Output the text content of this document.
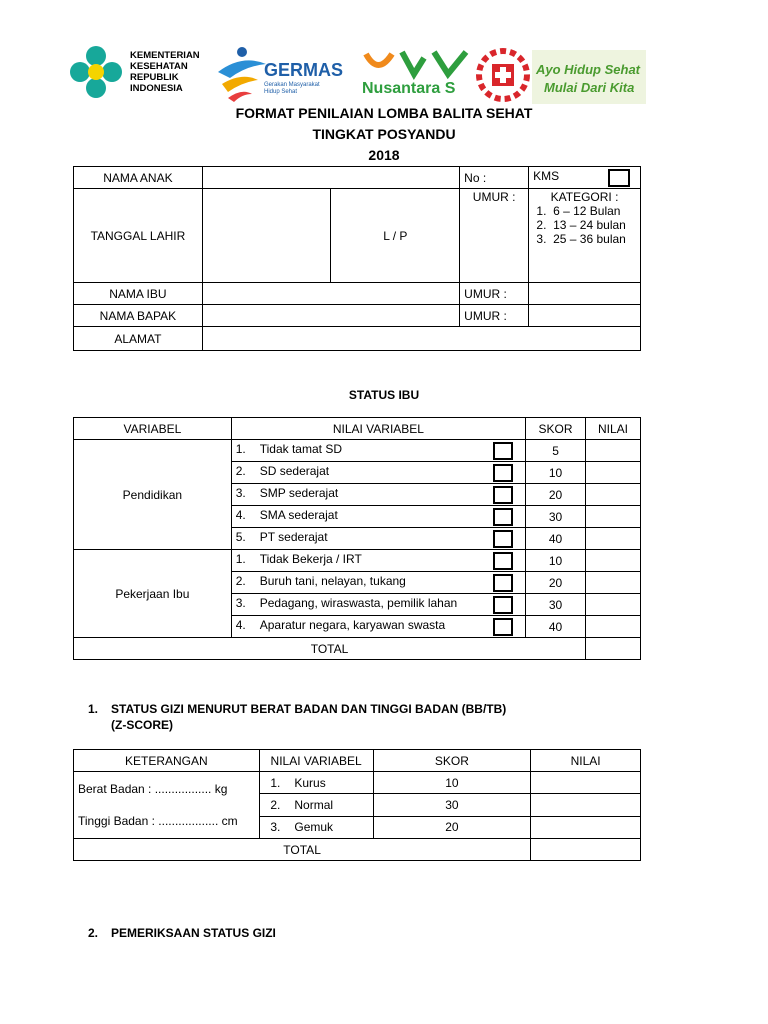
KEMENTERIAN KESEHATAN REPUBLIK INDONESIA
GERMAS
Gerakan Masyarakat Hidup Sehat	Nusantara S
Ayo Hidup Sehat
Mulai Dari Kita
FORMAT PENILAIAN LOMBA BALITA SEHAT
TINGKAT POSYANDU
2018
NAMA ANAK			No :	KMS

TANGGAL LAHIR		L / P	UMUR :	KATEGORI :
1.  6 – 12 Bulan
2.  13 – 24 bulan
3.  25 – 36 bulan

NAMA IBU			UMUR :	
NAMA BAPAK			UMUR :	
ALAMAT				
STATUS IBU
VARIABEL	NILAI VARIABEL	SKOR	NILAI
Pendidikan	1. Tidak tamat SD	5	
	2. SD sederajat	10	
	3. SMP sederajat	20	
	4. SMA sederajat	30	
	5. PT sederajat	40	
Pekerjaan Ibu	1. Tidak Bekerja / IRT	10	
	2. Buruh tani, nelayan, tukang	20	
	3. Pedagang, wiraswasta, pemilik lahan	30	
	4. Aparatur negara, karyawan swasta	40	
TOTAL			
1. STATUS GIZI MENURUT BERAT BADAN DAN TINGGI BADAN (BB/TB)
(Z-SCORE)
KETERANGAN	NILAI VARIABEL	SKOR	NILAI

Berat Badan : ................. kg
Tinggi Badan : .................. cm	1. Kurus	10	
	2. Normal	30	
	3. Gemuk	20	
TOTAL			
2. PEMERIKSAAN STATUS GIZI
